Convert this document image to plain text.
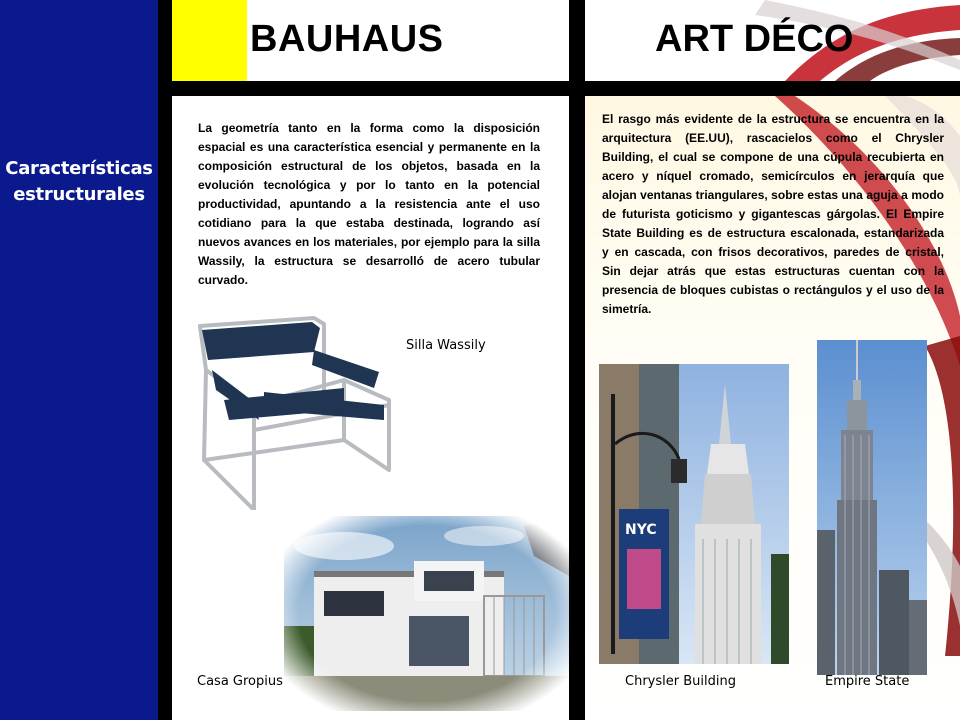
Características estructurales
BAUHAUS	ART DÉCO
La geometría tanto en la forma como la disposición espacial es una característica esencial y permanente en la composición estructural de los objetos, basada en la evolución tecnológica y por lo tanto en la potencial productividad, apuntando a la resistencia ante el uso cotidiano para la que estaba destinada, logrando así nuevos avances en los materiales, por ejemplo para la silla Wassily, la estructura se desarrolló de acero tubular curvado.
Silla Wassily
Casa Gropius
El rasgo más evidente de la estructura se encuentra en la arquitectura (EE.UU), rascacielos como el Chrysler Building, el cual se compone de una cúpula recubierta en acero y níquel cromado, semicírculos en jerarquía que alojan ventanas triangulares, sobre estas una aguja a modo de futurista goticismo y gigantescas gárgolas. El Empire State Building es de estructura escalonada, estandarizada y en cascada, con frisos decorativos, paredes de cristal, Sin dejar atrás que estas estructuras cuentan con la presencia de bloques cubistas o rectángulos y el uso de la simetría.
NYC
Chrysler Building	Empire State
